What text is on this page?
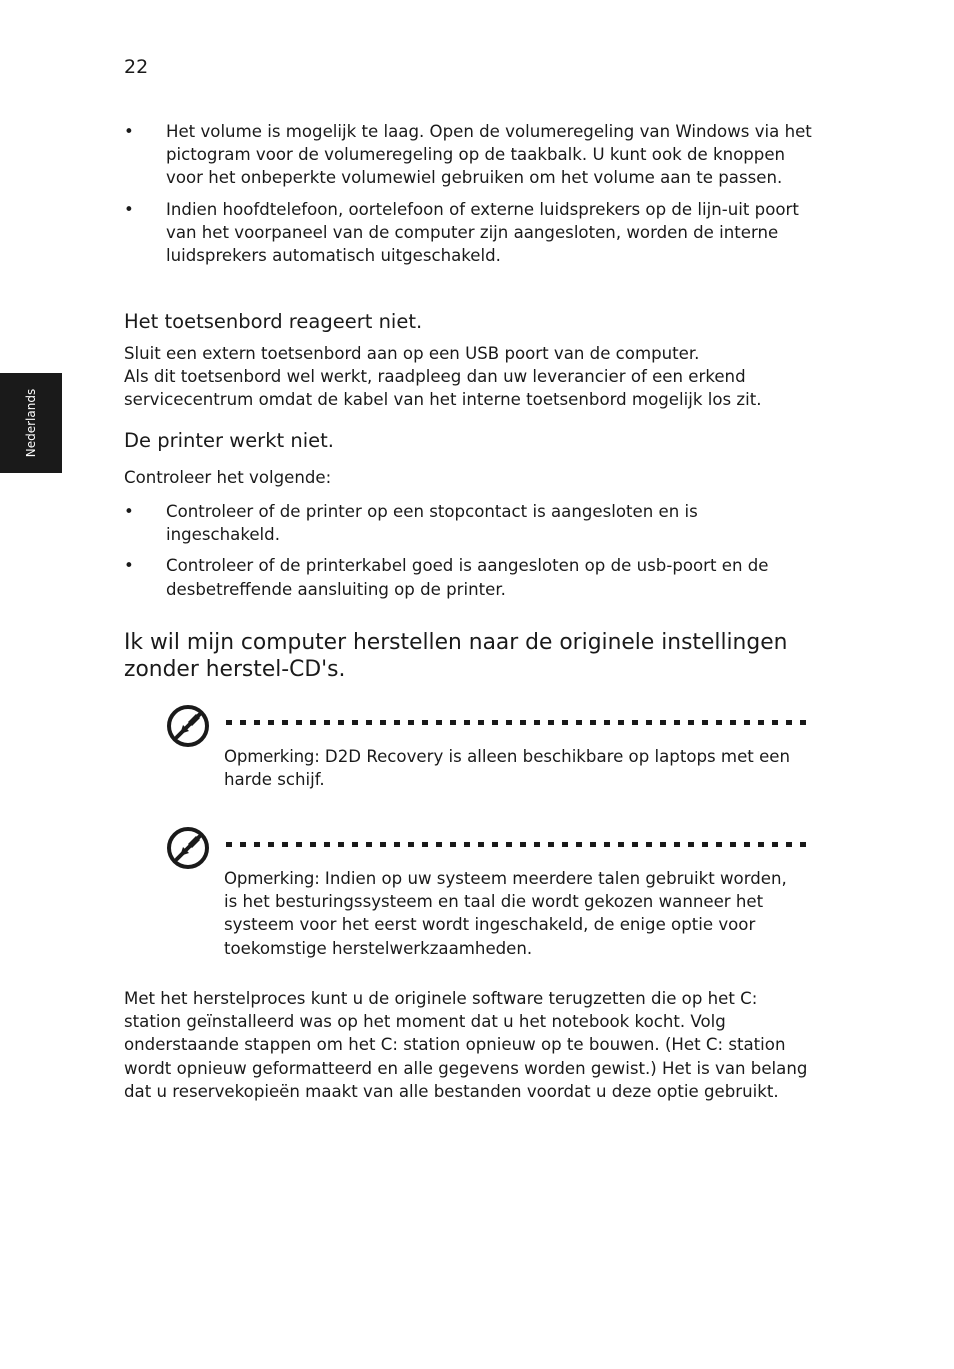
22
Nederlands
• Het volume is mogelijk te laag. Open de volumeregeling van Windows via het pictogram voor de volumeregeling op de taakbalk. U kunt ook de knoppen voor het onbeperkte volumewiel gebruiken om het volume aan te passen.
• Indien hoofdtelefoon, oortelefoon of externe luidsprekers op de lijn-uit poort van het voorpaneel van de computer zijn aangesloten, worden de interne luidsprekers automatisch uitgeschakeld.
Het toetsenbord reageert niet.

Sluit een extern toetsenbord aan op een USB poort van de computer.

Als dit toetsenbord wel werkt, raadpleeg dan uw leverancier of een erkend servicecentrum omdat de kabel van het interne toetsenbord mogelijk los zit.

De printer werkt niet.

Controleer het volgende:

• Controleer of de printer op een stopcontact is aangesloten en is ingeschakeld.
• Controleer of de printerkabel goed is aangesloten op de usb-poort en de desbetreffende aansluiting op de printer.
Ik wil mijn computer herstellen naar de originele instellingen zonder herstel-CD's.

Opmerking: D2D Recovery is alleen beschikbare op laptops met een harde schijf.

Opmerking: Indien op uw systeem meerdere talen gebruikt worden, is het besturingssysteem en taal die wordt gekozen wanneer het systeem voor het eerst wordt ingeschakeld, de enige optie voor toekomstige herstelwerkzaamheden.

Met het herstelproces kunt u de originele software terugzetten die op het C: station geïnstalleerd was op het moment dat u het notebook kocht. Volg onderstaande stappen om het C: station opnieuw op te bouwen. (Het C: station wordt opnieuw geformatteerd en alle gegevens worden gewist.) Het is van belang dat u reservekopieën maakt van alle bestanden voordat u deze optie gebruikt.
